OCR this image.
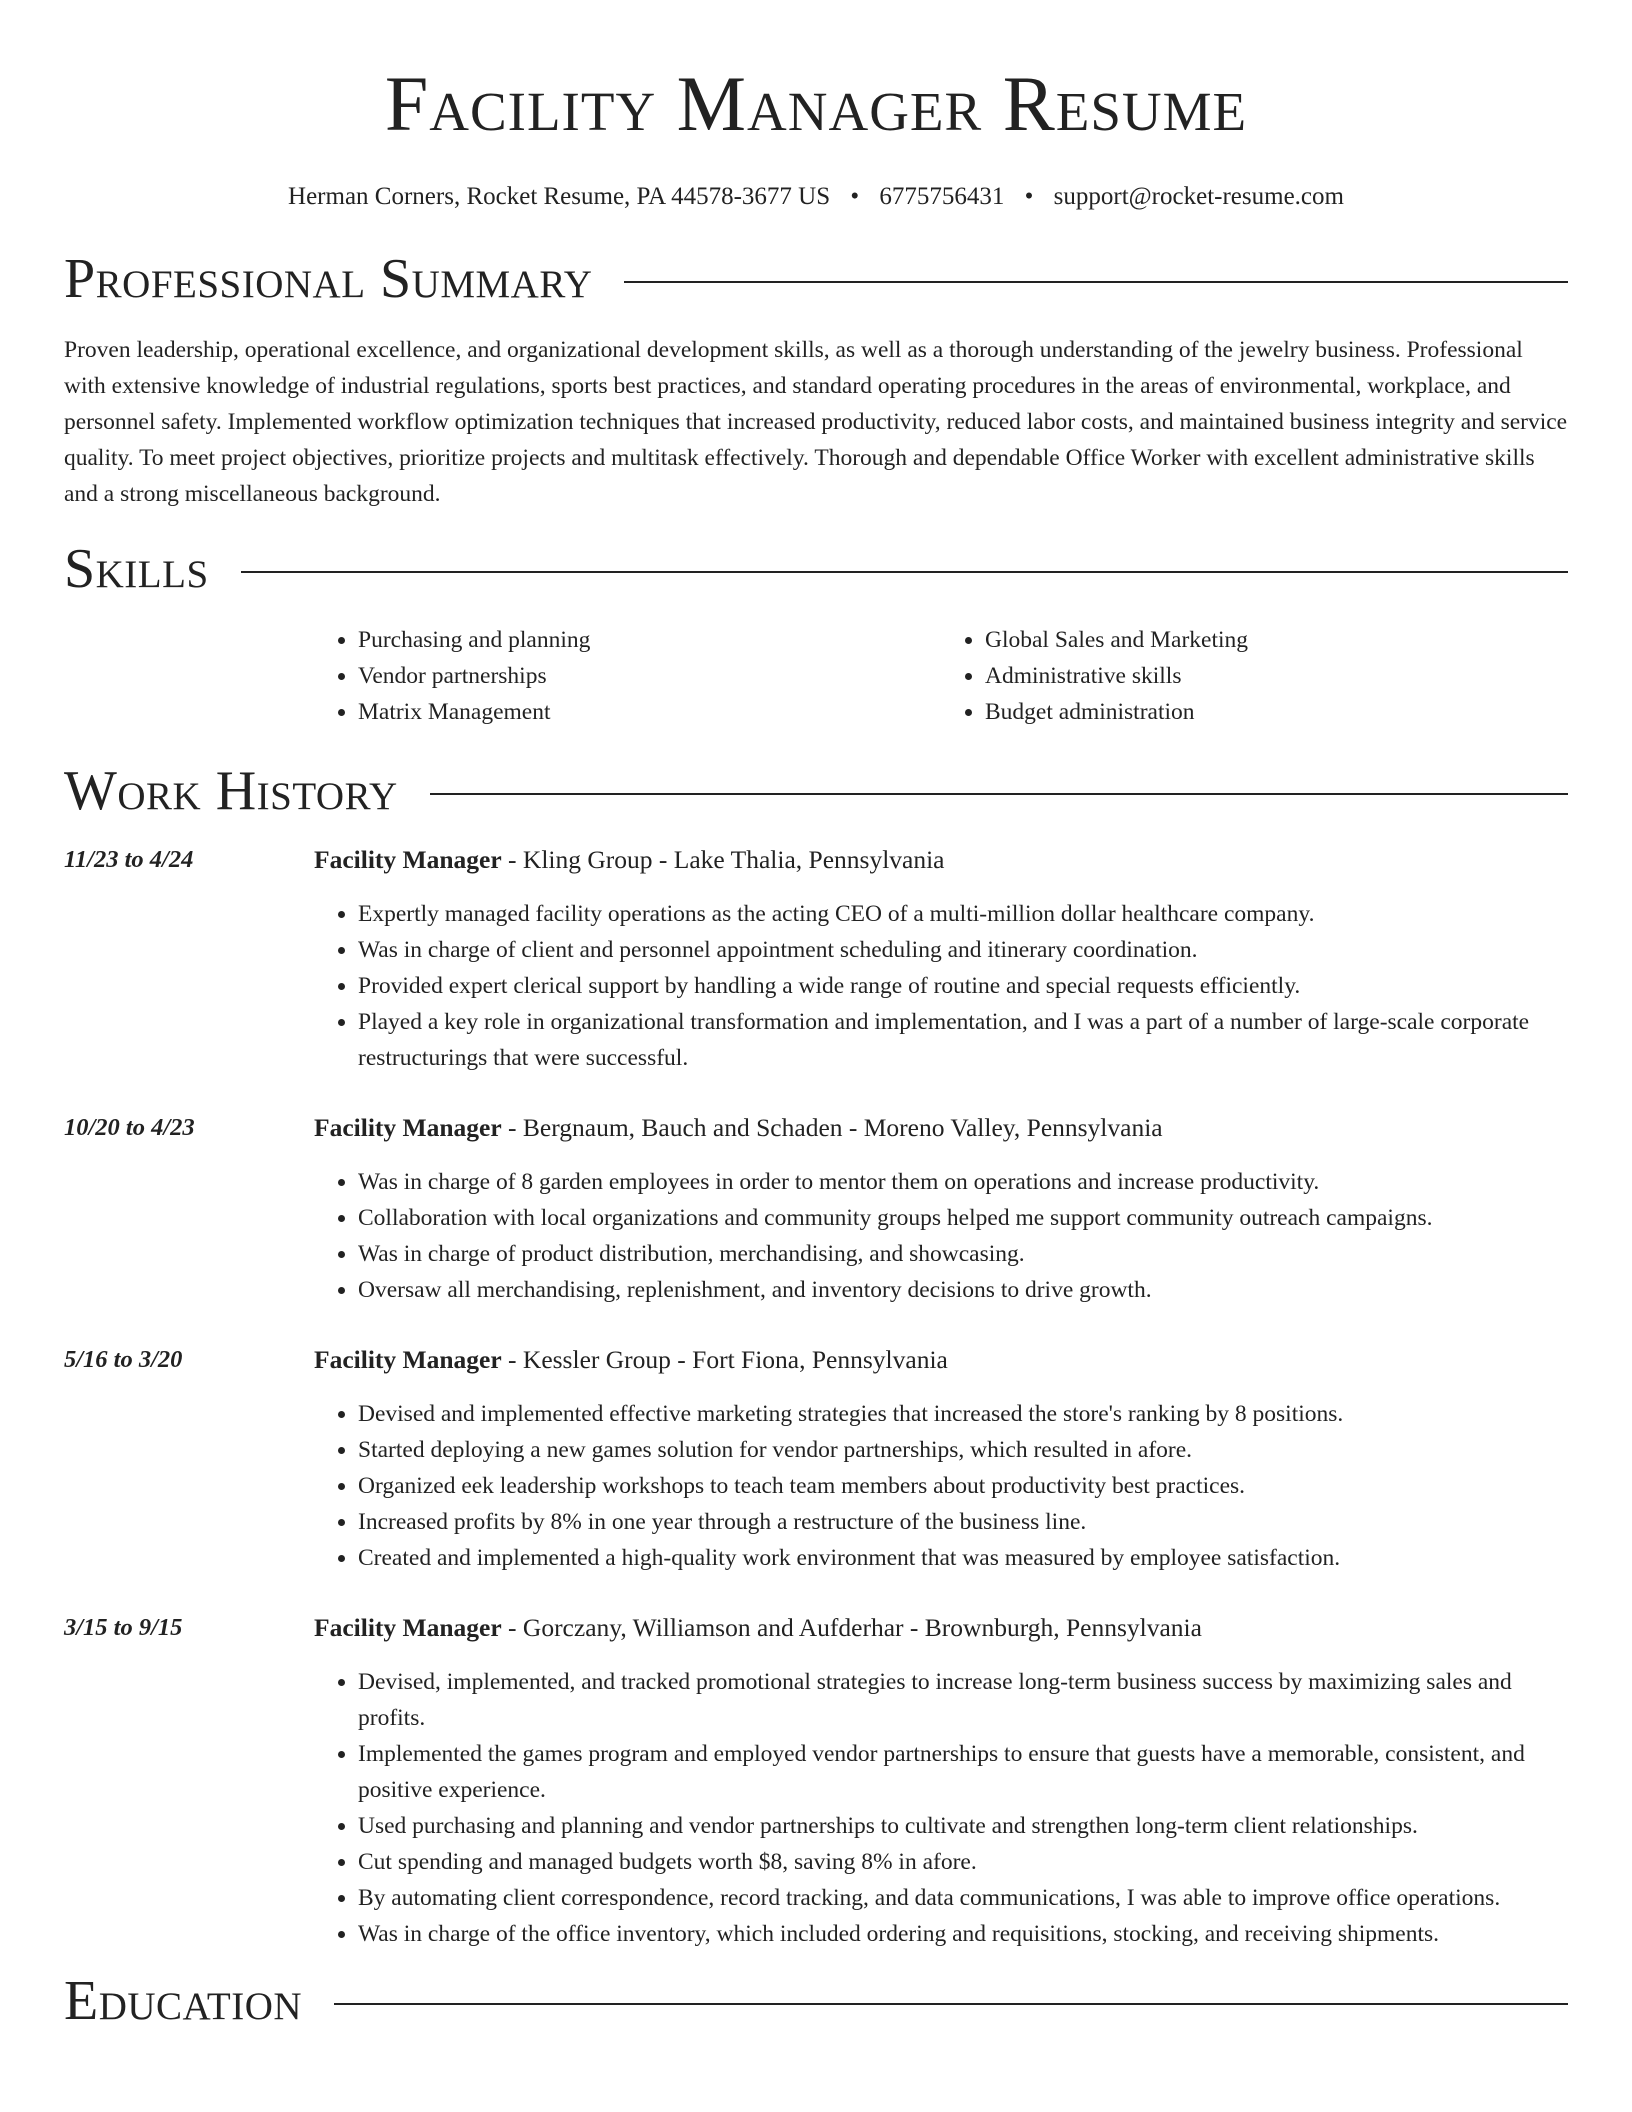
Facility Manager Resume
Herman Corners, Rocket Resume, PA 44578-3677 US • 6775756431 • support@rocket-resume.com
Professional Summary

Proven leadership, operational excellence, and organizational development skills, as well as a thorough understanding of the jewelry business. Professional with extensive knowledge of industrial regulations, sports best practices, and standard operating procedures in the areas of environmental, workplace, and personnel safety. Implemented workflow optimization techniques that increased productivity, reduced labor costs, and maintained business integrity and service quality. To meet project objectives, prioritize projects and multitask effectively. Thorough and dependable Office Worker with excellent administrative skills and a strong miscellaneous background.

Skills
• Purchasing and planning
• Vendor partnerships
• Matrix Management
• Global Sales and Marketing
• Administrative skills
• Budget administration
Work History
11/23 to 4/24	Facility Manager - Kling Group - Lake Thalia, Pennsylvania
• Expertly managed facility operations as the acting CEO of a multi-million dollar healthcare company.
• Was in charge of client and personnel appointment scheduling and itinerary coordination.
• Provided expert clerical support by handling a wide range of routine and special requests efficiently.
• Played a key role in organizational transformation and implementation, and I was a part of a number of large-scale corporate restructurings that were successful.
10/20 to 4/23	Facility Manager - Bergnaum, Bauch and Schaden - Moreno Valley, Pennsylvania
• Was in charge of 8 garden employees in order to mentor them on operations and increase productivity.
• Collaboration with local organizations and community groups helped me support community outreach campaigns.
• Was in charge of product distribution, merchandising, and showcasing.
• Oversaw all merchandising, replenishment, and inventory decisions to drive growth.
5/16 to 3/20	Facility Manager - Kessler Group - Fort Fiona, Pennsylvania
• Devised and implemented effective marketing strategies that increased the store's ranking by 8 positions.
• Started deploying a new games solution for vendor partnerships, which resulted in afore.
• Organized eek leadership workshops to teach team members about productivity best practices.
• Increased profits by 8% in one year through a restructure of the business line.
• Created and implemented a high-quality work environment that was measured by employee satisfaction.
3/15 to 9/15	Facility Manager - Gorczany, Williamson and Aufderhar - Brownburgh, Pennsylvania
• Devised, implemented, and tracked promotional strategies to increase long-term business success by maximizing sales and profits.
• Implemented the games program and employed vendor partnerships to ensure that guests have a memorable, consistent, and positive experience.
• Used purchasing and planning and vendor partnerships to cultivate and strengthen long-term client relationships.
• Cut spending and managed budgets worth $8, saving 8% in afore.
• By automating client correspondence, record tracking, and data communications, I was able to improve office operations.
• Was in charge of the office inventory, which included ordering and requisitions, stocking, and receiving shipments.
Education
